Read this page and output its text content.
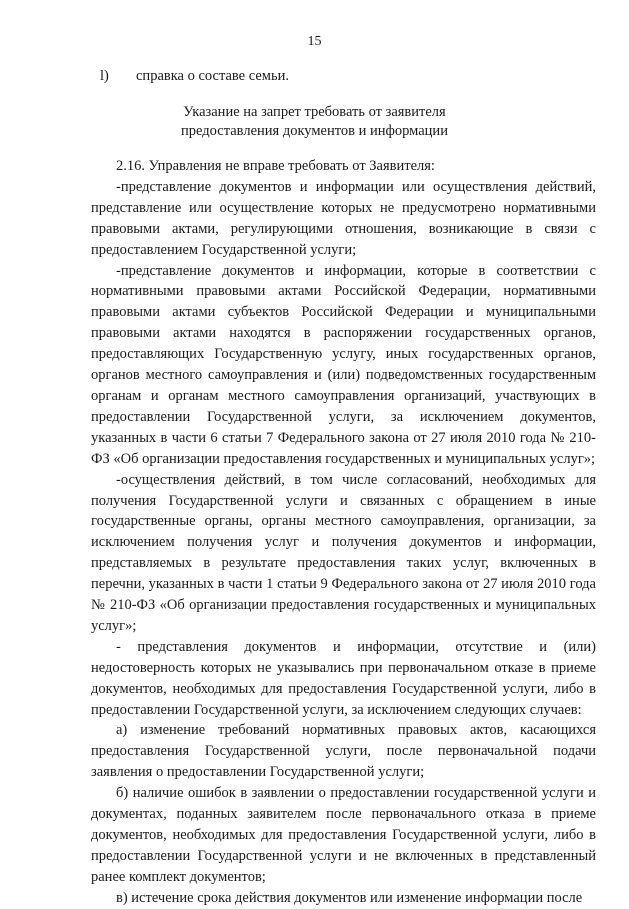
15
l) справка о составе семьи.
Указание на запрет требовать от заявителя
предоставления документов и информации

2.16. Управления не вправе требовать от Заявителя:

-представление документов и информации или осуществления действий, представление или осуществление которых не предусмотрено нормативными правовыми актами, регулирующими отношения, возникающие в связи с предоставлением Государственной услуги;

-представление документов и информации, которые в соответствии с нормативными правовыми актами Российской Федерации, нормативными правовыми актами субъектов Российской Федерации и муниципальными правовыми актами находятся в распоряжении государственных органов, предоставляющих Государственную услугу, иных государственных органов, органов местного самоуправления и (или) подведомственных государственным органам и органам местного самоуправления организаций, участвующих в предоставлении Государственной услуги, за исключением документов, указанных в части 6 статьи 7 Федерального закона от 27 июля 2010 года № 210-ФЗ «Об организации предоставления государственных и муниципальных услуг»;

-осуществления действий, в том числе согласований, необходимых для получения Государственной услуги и связанных с обращением в иные государственные органы, органы местного самоуправления, организации, за исключением получения услуг и получения документов и информации, представляемых в результате предоставления таких услуг, включенных в перечни, указанных в части 1 статьи 9 Федерального закона от 27 июля 2010 года № 210-ФЗ «Об организации предоставления государственных и муниципальных услуг»;

- представления документов и информации, отсутствие и (или) недостоверность которых не указывались при первоначальном отказе в приеме документов, необходимых для предоставления Государственной услуги, либо в предоставлении Государственной услуги, за исключением следующих случаев:

а) изменение требований нормативных правовых актов, касающихся предоставления Государственной услуги, после первоначальной подачи заявления о предоставлении Государственной услуги;

б) наличие ошибок в заявлении о предоставлении государственной услуги и документах, поданных заявителем после первоначального отказа в приеме документов, необходимых для предоставления Государственной услуги, либо в предоставлении Государственной услуги и не включенных в представленный ранее комплект документов;

в) истечение срока действия документов или изменение информации после
